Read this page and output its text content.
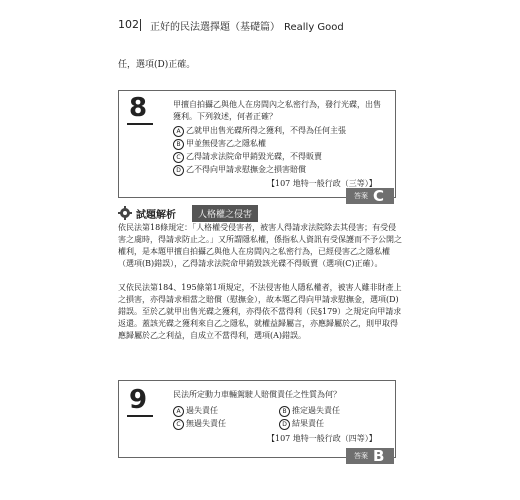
102 正好的民法選擇題（基礎篇） Really Good
任，選項(D)正確。
8	甲擅自拍攝乙與他人在房間內之私密行為，發行光碟，出售獲利。下列敘述，何者正確？
A 乙就甲出售光碟所得之獲利，不得為任何主張
B 甲並無侵害乙之隱私權
C 乙得請求法院命甲銷毀光碟，不得販賣
D 乙不得向甲請求慰撫金之損害賠償
【107 地特一般行政（三等）】
答案 C
試題解析	人格權之侵害
依民法第18條規定：「人格權受侵害者，被害人得請求法院除去其侵害；有受侵害之虞時，得請求防止之。」又所謂隱私權，係指私人資訊有受保護而不予公開之權利，是本題甲擅自拍攝乙與他人在房間內之私密行為，已經侵害乙之隱私權（選項(B)錯誤），乙得請求法院命甲銷毀該光碟不得販賣（選項(C)正確）。
又依民法第184、195條第1項規定，不法侵害他人隱私權者，被害人雖非財產上之損害，亦得請求相當之賠償（慰撫金），故本題乙得向甲請求慰撫金，選項(D)錯誤。至於乙就甲出售光碟之獲利，亦得依不當得利（民§179）之規定向甲請求返還。蓋該光碟之獲利來自乙之隱私，就權益歸屬言，亦應歸屬於乙，則甲取得應歸屬於乙之利益，自成立不當得利，選項(A)錯誤。
9	民法所定動力車輛駕駛人賠償責任之性質為何？
A 過失責任	B 推定過失責任
C 無過失責任	D 結果責任
【107 地特一般行政（四等）】
答案 B
